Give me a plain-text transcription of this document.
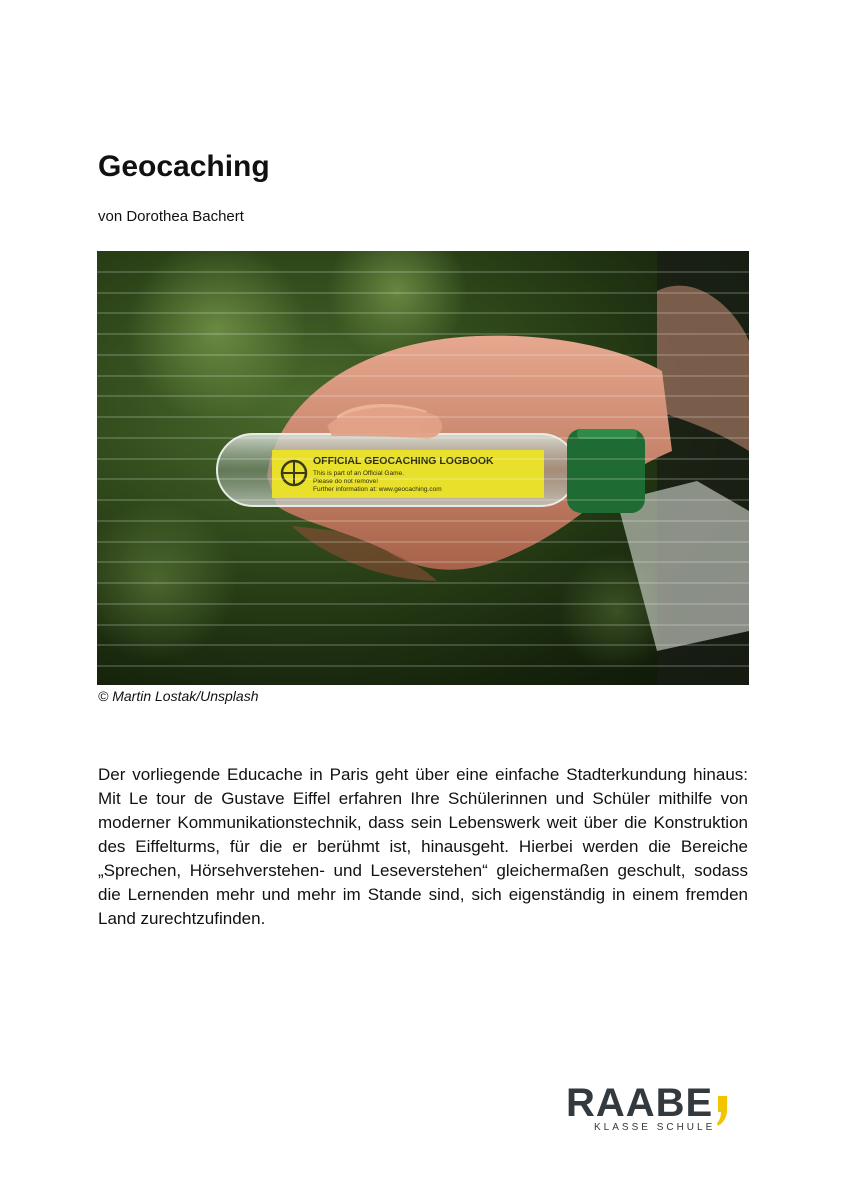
Geocaching
von Dorothea Bachert
OFFICIAL GEOCACHING LOGBOOK
This is part of an Official Game.
Please do not remove!
Further information at: www.geocaching.com
© Martin Lostak/Unsplash

Der vorliegende Educache in Paris geht über eine einfache Stadterkundung hinaus: Mit Le tour de Gustave Eiffel erfahren Ihre Schülerinnen und Schüler mithilfe von moderner Kommunikationstechnik, dass sein Lebenswerk weit über die Konstruktion des Eiffelturms, für die er berühmt ist, hinausgeht. Hierbei werden die Bereiche „Sprechen, Hörsehverstehen- und Leseverstehen“ gleichermaßen geschult, sodass die Lernenden mehr und mehr im Stande sind, sich eigenständig in einem fremden Land zurechtzufinden.

RAABE
KLASSE SCHULE
